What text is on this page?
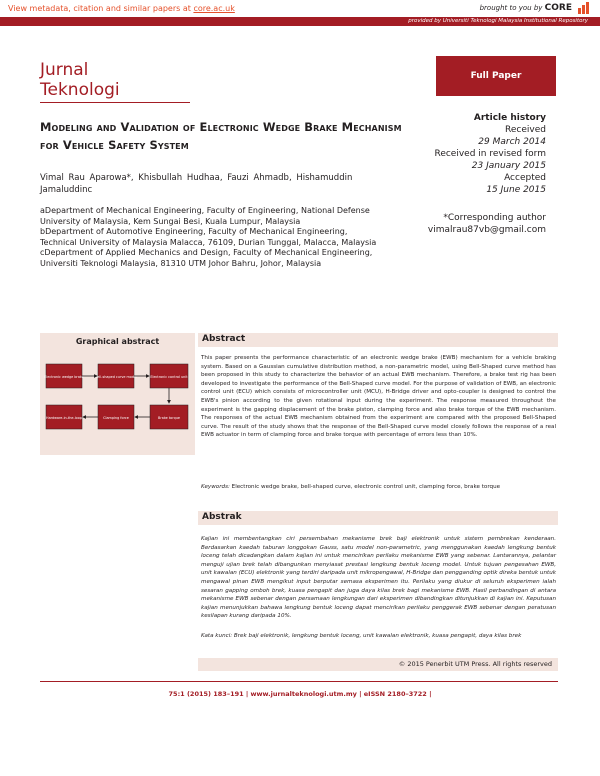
View metadata, citation and similar papers at core.ac.uk	brought to you by CORE
provided by Universiti Teknologi Malaysia Institutional Repository
Jurnal
Teknologi
Full Paper
Modeling and Validation of Electronic Wedge Brake Mechanism for Vehicle Safety System
Article history
Received
29 March 2014
Received in revised form
23 January 2015
Accepted
15 June 2015
Vimal Rau Aparowa*, Khisbullah Hudhaa, Fauzi Ahmadb, Hishamuddin Jamaluddinc

aDepartment of Mechanical Engineering, Faculty of Engineering, National Defense University of Malaysia, Kem Sungai Besi, Kuala Lumpur, Malaysia

bDepartment of Automotive Engineering, Faculty of Mechanical Engineering, Technical University of Malaysia Malacca, 76109, Durian Tunggal, Malacca, Malaysia

cDepartment of Applied Mechanics and Design, Faculty of Mechanical Engineering, Universiti Teknologi Malaysia, 81310 UTM Johor Bahru, Johor, Malaysia

*Corresponding author
vimalrau87vb@gmail.com
Graphical abstract
Electronic wedge brake	Bell-shaped curve model	Electronic control unit
Hardware-in-the-loop	Clamping force	Brake torque
Abstract
This paper presents the performance characteristic of an electronic wedge brake (EWB) mechanism for a vehicle braking system. Based on a Gaussian cumulative distribution method, a non-parametric model, using Bell-Shaped curve method has been proposed in this study to characterize the behavior of an actual EWB mechanism. Therefore, a brake test rig has been developed to investigate the performance of the Bell-Shaped curve model. For the purpose of validation of EWB, an electronic control unit (ECU) which consists of microcontroller unit (MCU), H-Bridge driver and opto-coupler is designed to control the EWB's pinion according to the given rotational input during the experiment. The response measured throughout the experiment is the gapping displacement of the brake piston, clamping force and also brake torque of the EWB mechanism. The responses of the actual EWB mechanism obtained from the experiment are compared with the proposed Bell-Shaped curve. The result of the study shows that the response of the Bell-Shaped curve model closely follows the response of a real EWB actuator in term of clamping force and brake torque with percentage of errors less than 10%.
Keywords: Electronic wedge brake, bell-shaped curve, electronic control unit, clamping force, brake torque
Abstrak
Kajian ini membentangkan ciri persembahan mekanisme brek baji elektronik untuk sistem pembrekan kenderaan. Berdasarkan kaedah taburan longgokan Gauss, satu model non-parametric, yang menggunakan kaedah lengkung bentuk loceng telah dicadangkan dalam kajian ini untuk mencirikan perilaku mekanisme EWB yang sebenar. Lantarannya, pelantar menguji ujian brek telah dibangunkan menyiasat prestasi lengkung bentuk loceng model. Untuk tujuan pengesahan EWB, unit kawalan (ECU) elektronik yang terdiri daripada unit mikropengawal, H-Bridge dan pengganding optik direka bentuk untuk mengawal pinan EWB mengikut input berputar semasa eksperimen itu. Perilaku yang diukur di seluruh eksperimen ialah sesaran gapping omboh brek, kuasa pengapit dan juga daya kilas brek bagi mekanisme EWB. Hasil perbandingan di antara mekanisme EWB sebenar dengan persamaan lengkungan dari eksperimen dibandingkan ditunjukkan di kajian ini. Keputusan kajian menunjukkan bahawa lengkung bentuk loceng dapat mencirikan perilaku penggerak EWB sebenar dengan peratusan kesilapan kurang daripada 10%.
Kata kunci: Brek baji elektronik, lengkung bentuk loceng, unit kawalan elektronik, kuasa pengapit, daya kilas brek
© 2015 Penerbit UTM Press. All rights reserved
75:1 (2015) 183–191 | www.jurnalteknologi.utm.my | eISSN 2180–3722 |
